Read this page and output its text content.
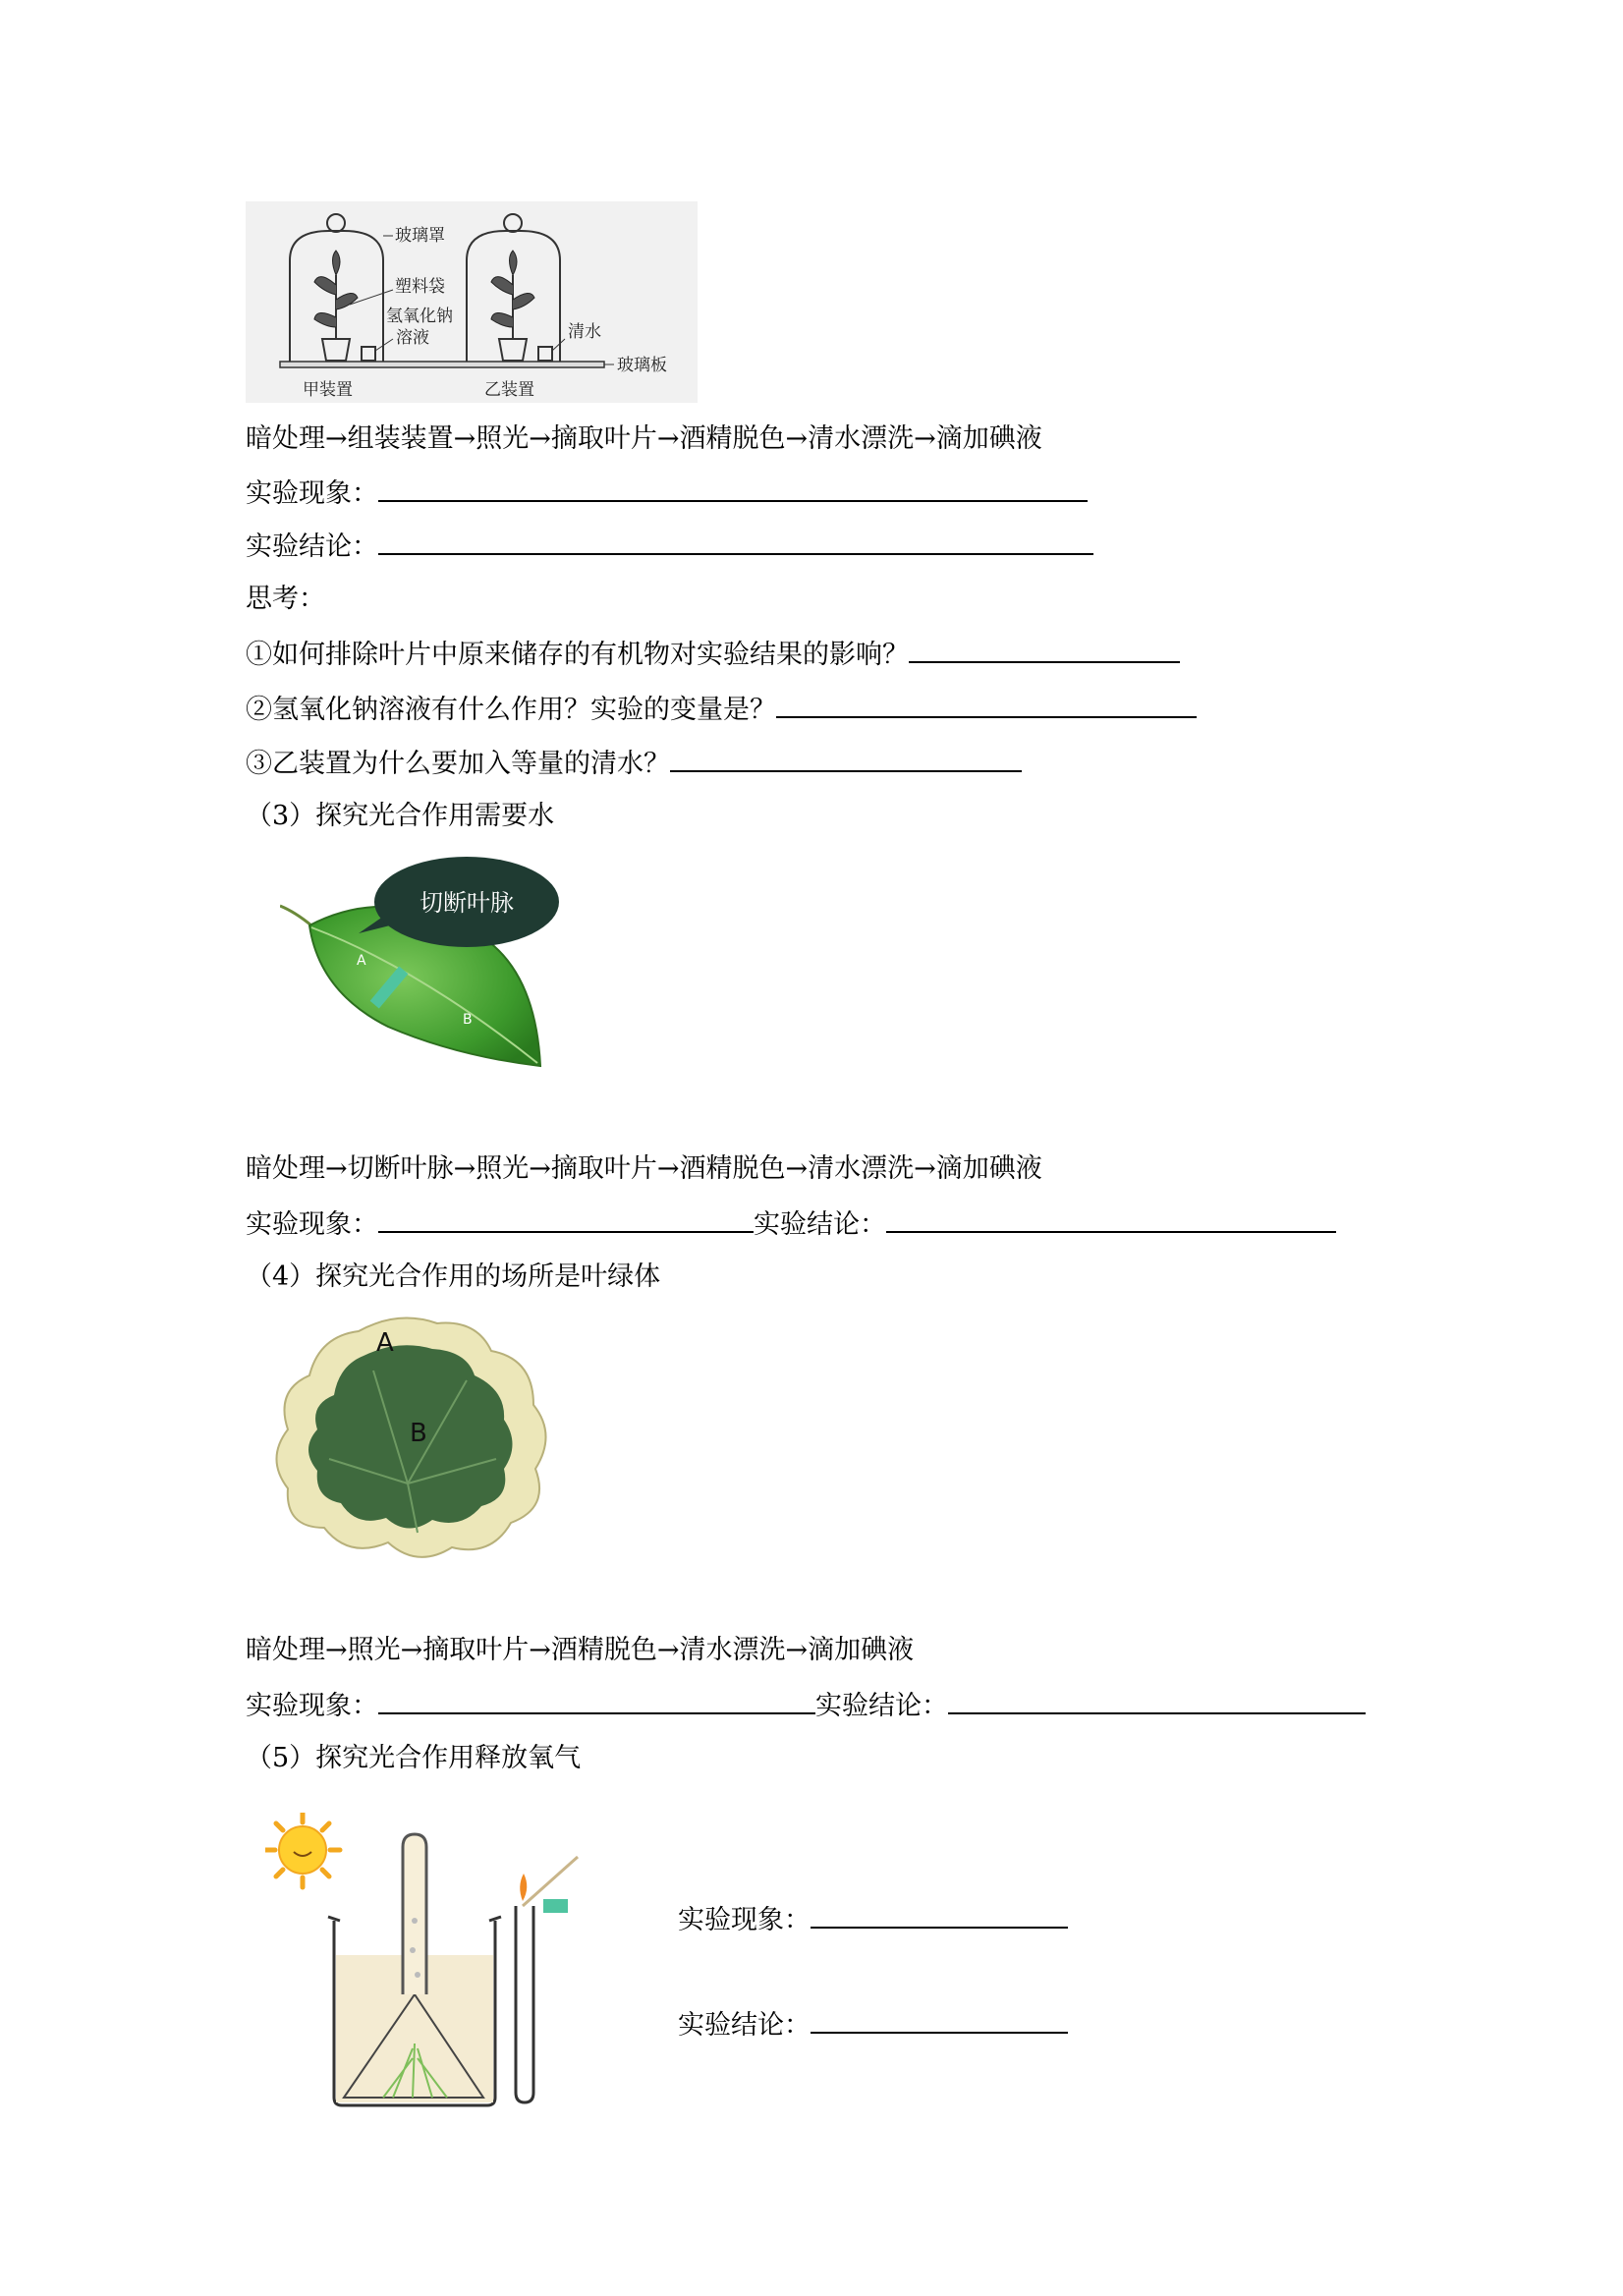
玻璃罩
塑料袋
氢氧化钠
溶液	清水
玻璃板
甲装置	乙装置
暗处理→组装装置→照光→摘取叶片→酒精脱色→清水漂洗→滴加碘液
实验现象：
实验结论：
思考：
①如何排除叶片中原来储存的有机物对实验结果的影响？
②氢氧化钠溶液有什么作用？实验的变量是？
③乙装置为什么要加入等量的清水？
（3）探究光合作用需要水
切断叶脉
A
B
暗处理→切断叶脉→照光→摘取叶片→酒精脱色→清水漂洗→滴加碘液
实验现象：	实验结论：
（4）探究光合作用的场所是叶绿体
A
B
暗处理→照光→摘取叶片→酒精脱色→清水漂洗→滴加碘液
实验现象：	实验结论：
（5）探究光合作用释放氧气
实验现象：
实验结论：
